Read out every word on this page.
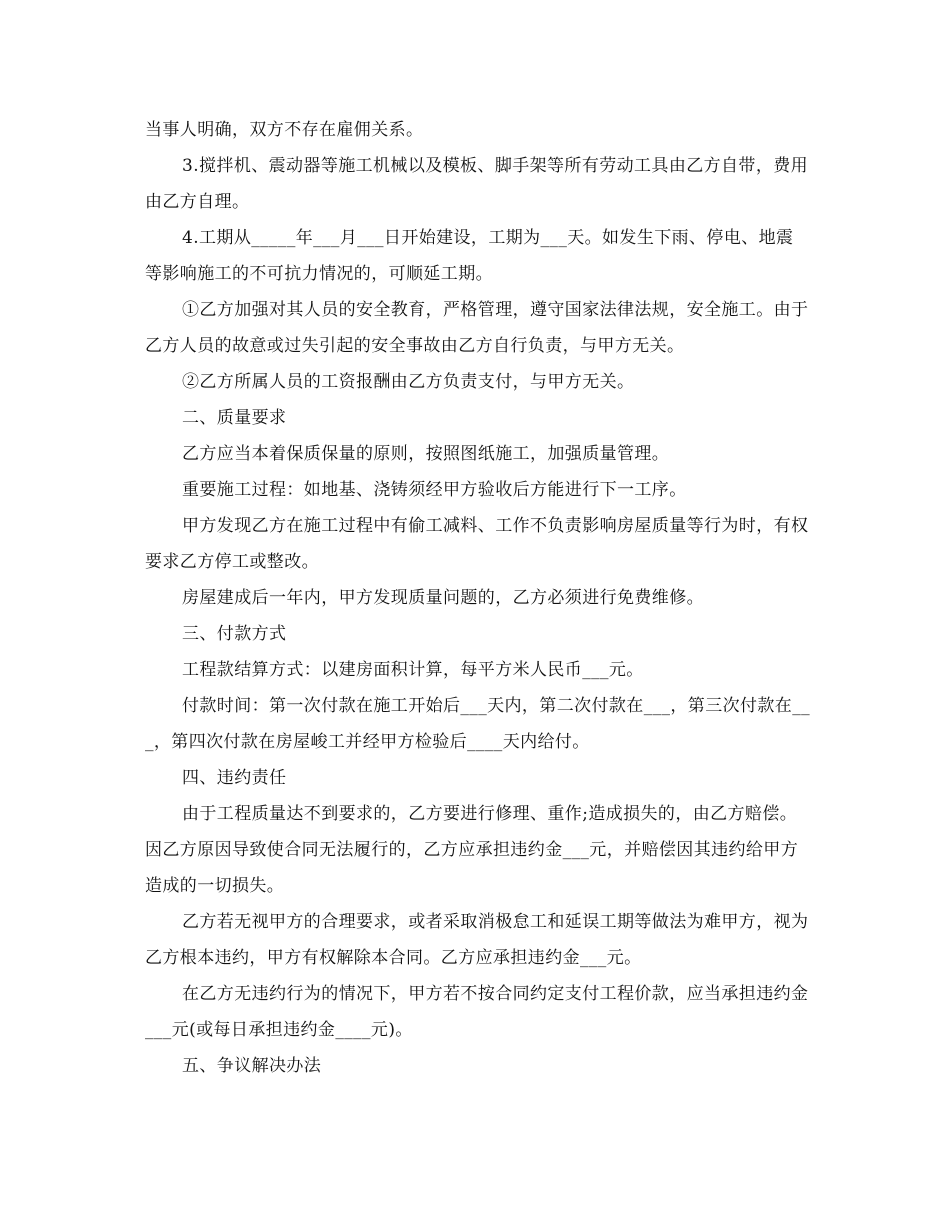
当事人明确，双方不存在雇佣关系。

3.搅拌机、震动器等施工机械以及模板、脚手架等所有劳动工具由乙方自带，费用由乙方自理。

4.工期从_____年___月___日开始建设，工期为___天。如发生下雨、停电、地震等影响施工的不可抗力情况的，可顺延工期。

①乙方加强对其人员的安全教育，严格管理，遵守国家法律法规，安全施工。由于乙方人员的故意或过失引起的安全事故由乙方自行负责，与甲方无关。

②乙方所属人员的工资报酬由乙方负责支付，与甲方无关。

二、质量要求

乙方应当本着保质保量的原则，按照图纸施工，加强质量管理。

重要施工过程：如地基、浇铸须经甲方验收后方能进行下一工序。

甲方发现乙方在施工过程中有偷工减料、工作不负责影响房屋质量等行为时，有权要求乙方停工或整改。

房屋建成后一年内，甲方发现质量问题的，乙方必须进行免费维修。

三、付款方式

工程款结算方式：以建房面积计算，每平方米人民币___元。

付款时间：第一次付款在施工开始后___天内，第二次付款在___，第三次付款在___，第四次付款在房屋峻工并经甲方检验后____天内给付。

四、违约责任

由于工程质量达不到要求的，乙方要进行修理、重作;造成损失的，由乙方赔偿。因乙方原因导致使合同无法履行的，乙方应承担违约金___元，并赔偿因其违约给甲方造成的一切损失。

乙方若无视甲方的合理要求，或者采取消极怠工和延误工期等做法为难甲方，视为乙方根本违约，甲方有权解除本合同。乙方应承担违约金___元。

在乙方无违约行为的情况下，甲方若不按合同约定支付工程价款，应当承担违约金___元(或每日承担违约金____元)。

五、争议解决办法
